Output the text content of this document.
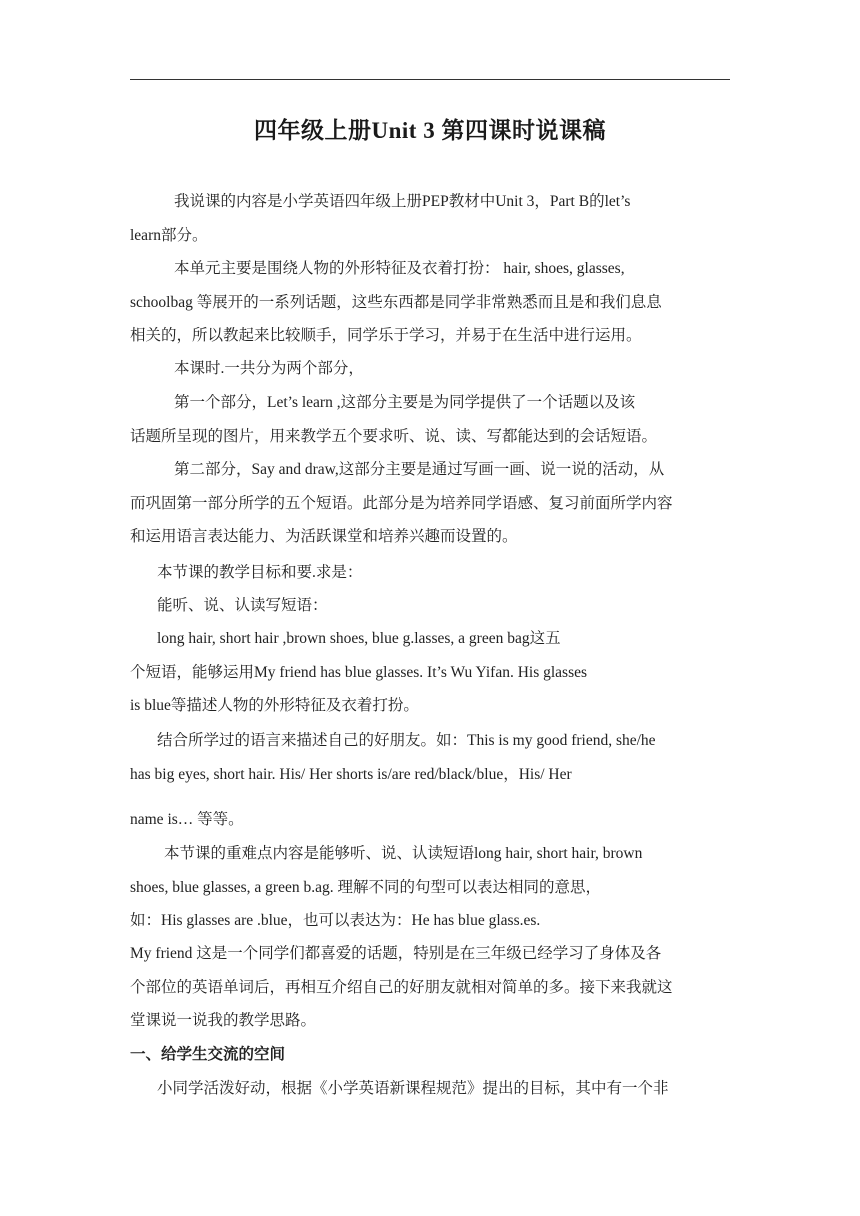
四年级上册Unit 3 第四课时说课稿
我说课的内容是小学英语四年级上册PEP教材中Unit 3，Part B的let’s
learn部分。
本单元主要是围绕人物的外形特征及衣着打扮： hair, shoes, glasses,
schoolbag 等展开的一系列话题，这些东西都是同学非常熟悉而且是和我们息息
相关的，所以教起来比较顺手，同学乐于学习，并易于在生活中进行运用。
本课时.一共分为两个部分，
第一个部分，Let’s learn ,这部分主要是为同学提供了一个话题以及该
话题所呈现的图片，用来教学五个要求听、说、读、写都能达到的会话短语。
第二部分，Say and draw,这部分主要是通过写画一画、说一说的活动，从
而巩固第一部分所学的五个短语。此部分是为培养同学语感、复习前面所学内容
和运用语言表达能力、为活跃课堂和培养兴趣而设置的。
本节课的教学目标和要.求是：
能听、说、认读写短语：
long hair, short hair ,brown shoes, blue g.lasses, a green bag这五
个短语，能够运用My friend has blue glasses. It’s Wu Yifan. His glasses
is blue等描述人物的外形特征及衣着打扮。
结合所学过的语言来描述自己的好朋友。如：This is my good friend, she/he
has big eyes, short hair. His/ Her shorts is/are red/black/blue，His/ Her
name is… 等等。
本节课的重难点内容是能够听、说、认读短语long hair, short hair, brown
shoes, blue glasses, a green b.ag. 理解不同的句型可以表达相同的意思，
如：His glasses are .blue，也可以表达为：He has blue glass.es.
My friend 这是一个同学们都喜爱的话题，特别是在三年级已经学习了身体及各
个部位的英语单词后，再相互介绍自己的好朋友就相对简单的多。接下来我就这
堂课说一说我的教学思路。
一、给学生交流的空间
小同学活泼好动，根据《小学英语新课程规范》提出的目标，其中有一个非
